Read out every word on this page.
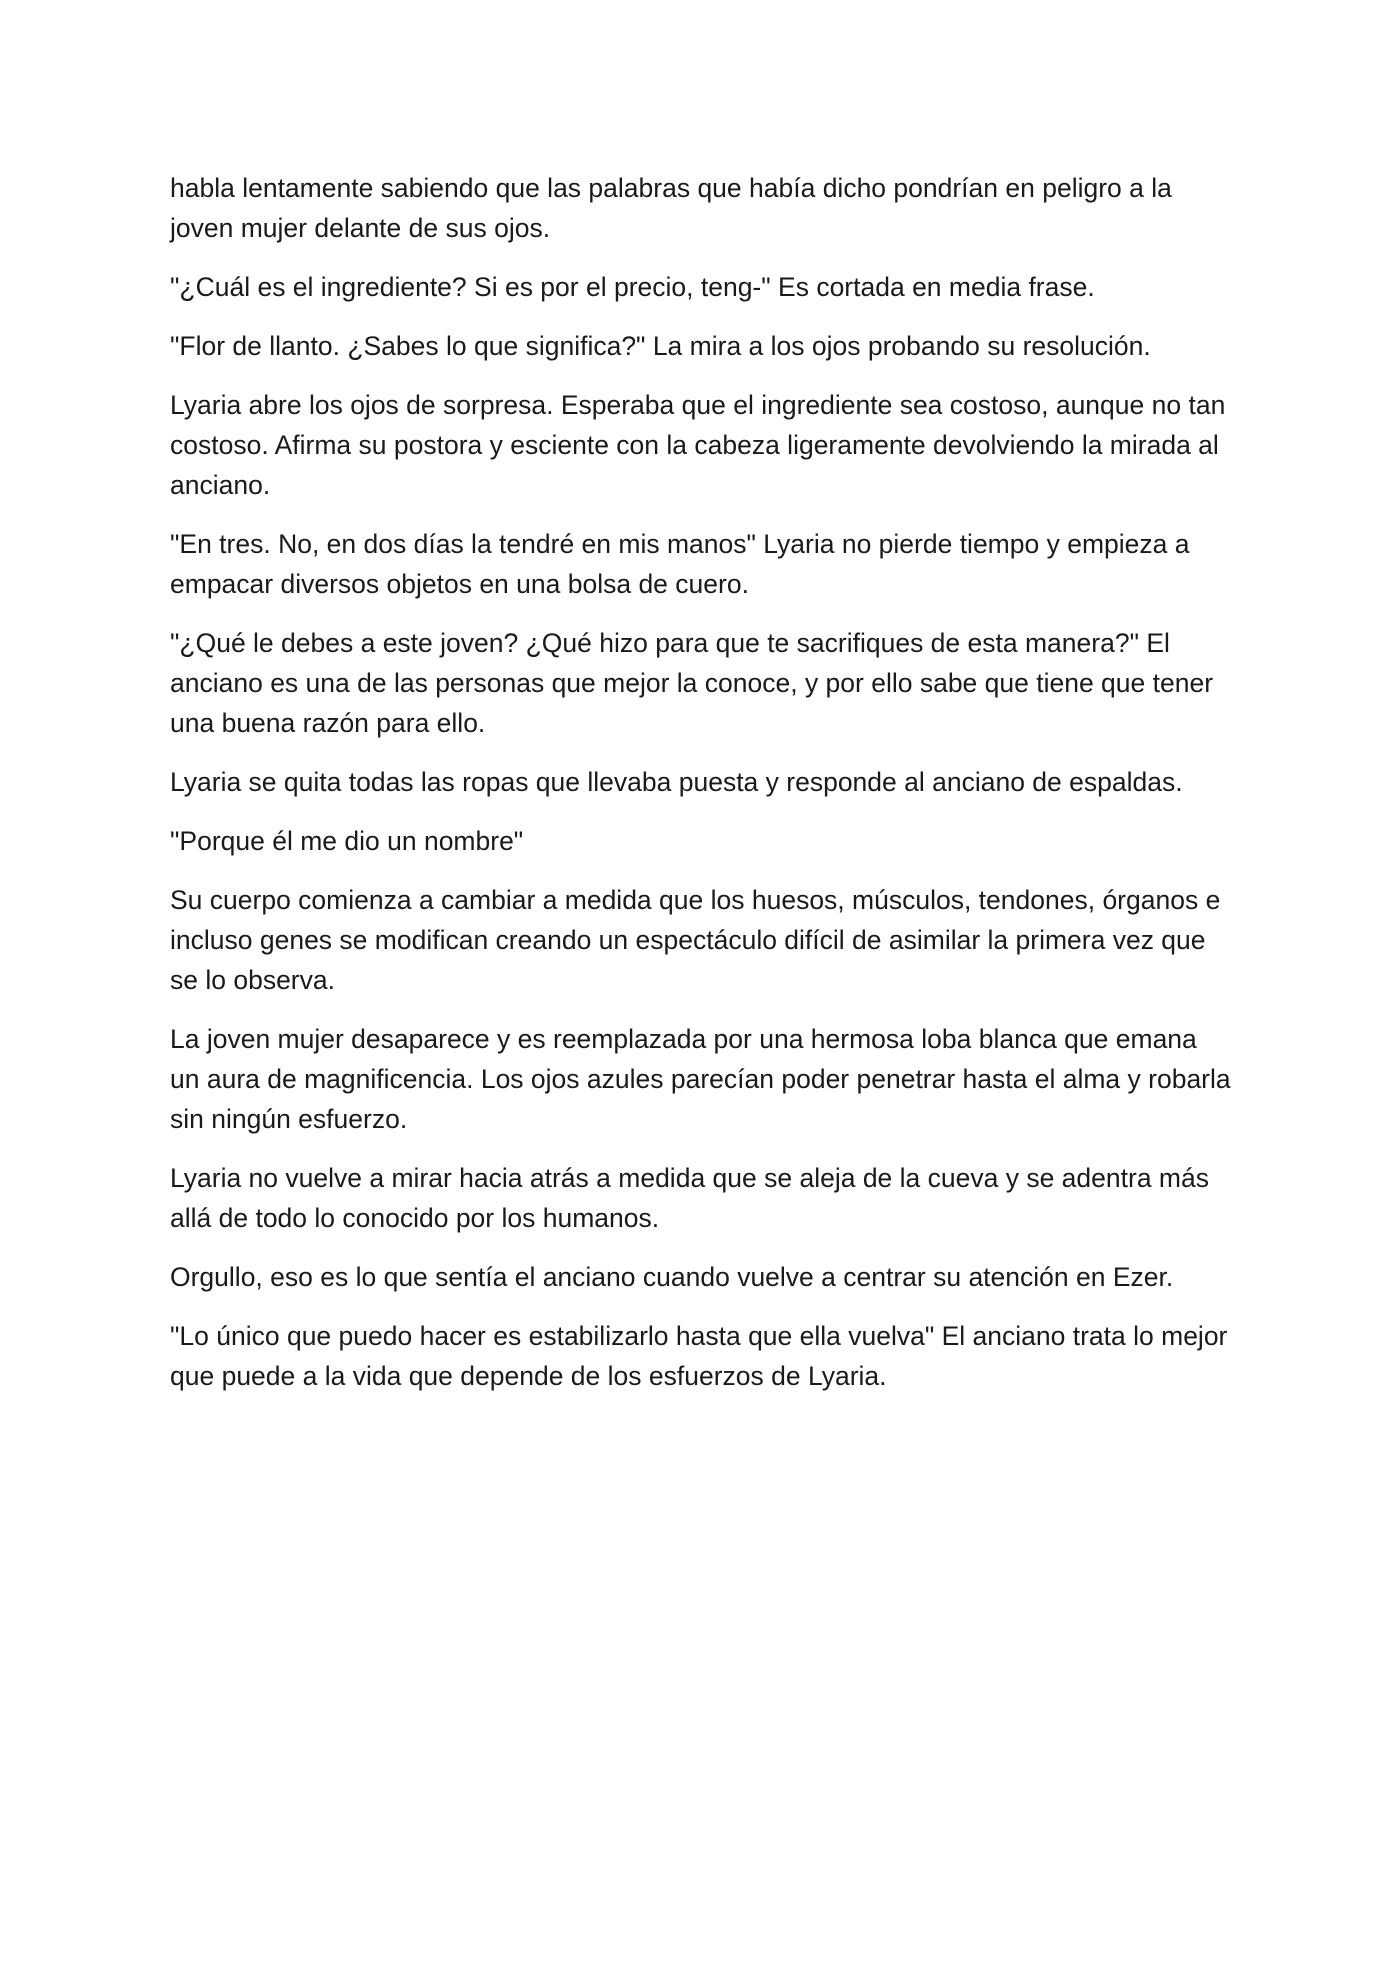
habla lentamente sabiendo que las palabras que había dicho pondrían en peligro a la joven mujer delante de sus ojos.

"¿Cuál es el ingrediente? Si es por el precio, teng-" Es cortada en media frase.

"Flor de llanto. ¿Sabes lo que significa?" La mira a los ojos probando su resolución.

Lyaria abre los ojos de sorpresa. Esperaba que el ingrediente sea costoso, aunque no tan costoso. Afirma su postora y esciente con la cabeza ligeramente devolviendo la mirada al anciano.

"En tres. No, en dos días la tendré en mis manos" Lyaria no pierde tiempo y empieza a empacar diversos objetos en una bolsa de cuero.

"¿Qué le debes a este joven? ¿Qué hizo para que te sacrifiques de esta manera?" El anciano es una de las personas que mejor la conoce, y por ello sabe que tiene que tener una buena razón para ello.

Lyaria se quita todas las ropas que llevaba puesta y responde al anciano de espaldas.

"Porque él me dio un nombre"

Su cuerpo comienza a cambiar a medida que los huesos, músculos, tendones, órganos e incluso genes se modifican creando un espectáculo difícil de asimilar la primera vez que se lo observa.

La joven mujer desaparece y es reemplazada por una hermosa loba blanca que emana un aura de magnificencia. Los ojos azules parecían poder penetrar hasta el alma y robarla sin ningún esfuerzo.

Lyaria no vuelve a mirar hacia atrás a medida que se aleja de la cueva y se adentra más allá de todo lo conocido por los humanos.

Orgullo, eso es lo que sentía el anciano cuando vuelve a centrar su atención en Ezer.

"Lo único que puedo hacer es estabilizarlo hasta que ella vuelva" El anciano trata lo mejor que puede a la vida que depende de los esfuerzos de Lyaria.
